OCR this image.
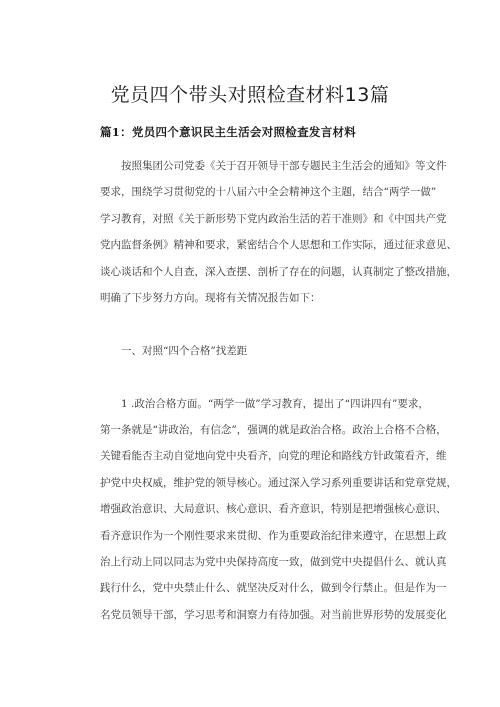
党员四个带头对照检查材料13篇
篇1：党员四个意识民主生活会对照检查发言材料
按照集团公司党委《关于召开领导干部专题民主生活会的通知》等文件
要求，围绕学习贯彻党的十八届六中全会精神这个主题，结合“两学一做”
学习教育，对照《关于新形势下党内政治生活的若干准则》和《中国共产党
党内监督条例》精神和要求，紧密结合个人思想和工作实际，通过征求意见、
谈心谈话和个人自查，深入查摆、剖析了存在的问题，认真制定了整改措施，
明确了下步努力方向。现将有关情况报告如下：
一、对照“四个合格”找差距
1 .政治合格方面。“两学一做”学习教育，提出了“四讲四有”要求，
第一条就是“讲政治，有信念”，强调的就是政治合格。政治上合格不合格，
关键看能否主动自觉地向党中央看齐，向党的理论和路线方针政策看齐，维
护党中央权威，维护党的领导核心。通过深入学习系列重要讲话和党章党规，
增强政治意识、大局意识、核心意识、看齐意识，特别是把增强核心意识、
看齐意识作为一个刚性要求来贯彻、作为重要政治纪律来遵守，在思想上政
治上行动上同以同志为党中央保持高度一致，做到党中央提倡什么、就认真
践行什么，党中央禁止什么、就坚决反对什么，做到令行禁止。但是作为一
名党员领导干部，学习思考和洞察力有待加强。对当前世界形势的发展变化
